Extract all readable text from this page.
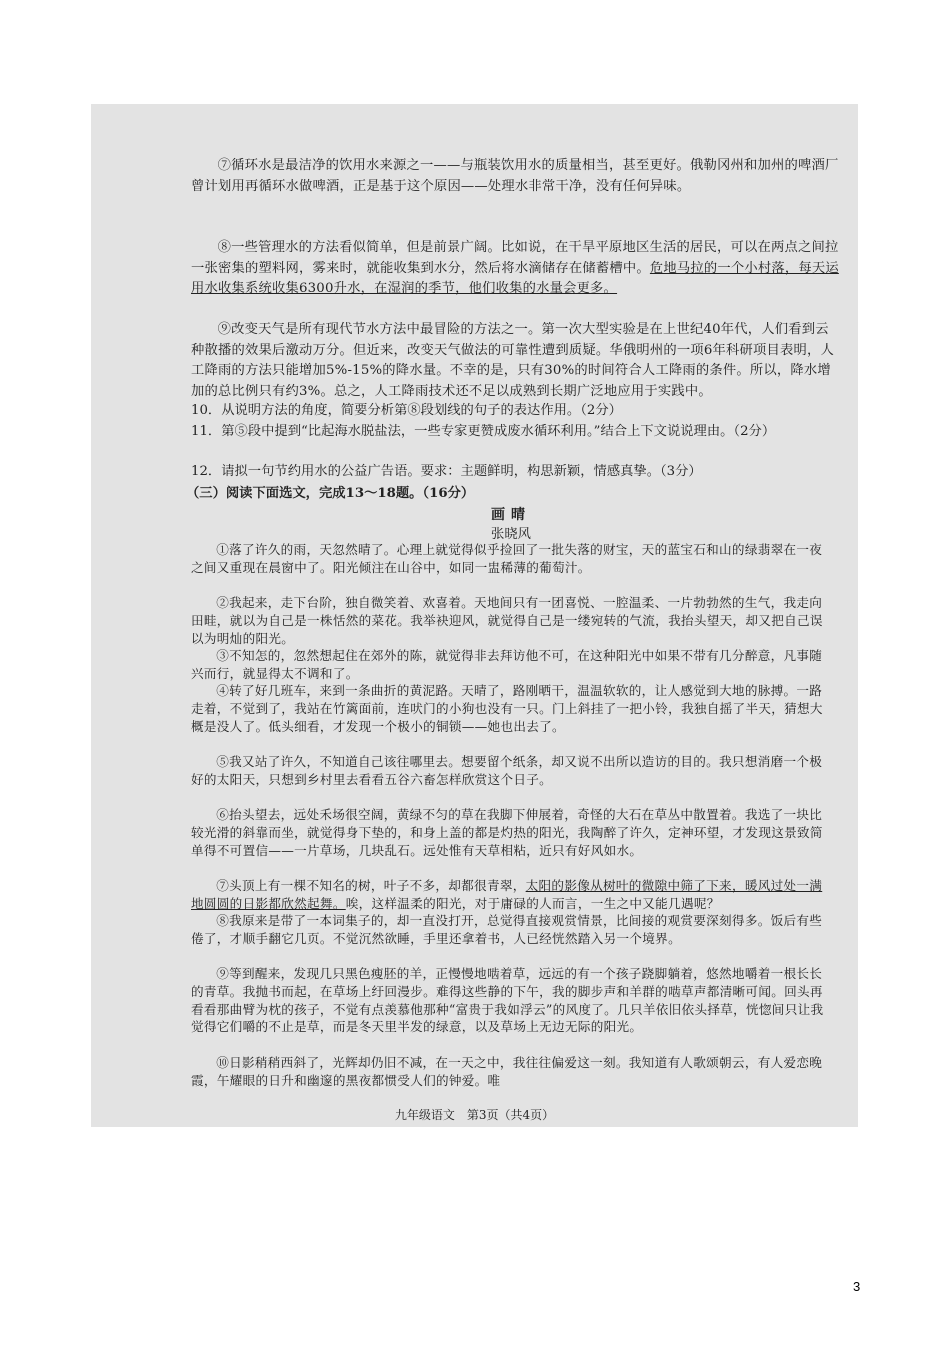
⑦循环水是最洁净的饮用水来源之一——与瓶装饮用水的质量相当，甚至更好。俄勒冈州和加州的啤酒厂曾计划用再循环水做啤酒，正是基于这个原因——处理水非常干净，没有任何异味。
⑧一些管理水的方法看似简单，但是前景广阔。比如说，在干旱平原地区生活的居民，可以在两点之间拉一张密集的塑料网，雾来时，就能收集到水分，然后将水滴储存在储蓄槽中。危地马拉的一个小村落，每天运用水收集系统收集6300升水，在湿润的季节，他们收集的水量会更多。
⑨改变天气是所有现代节水方法中最冒险的方法之一。第一次大型实验是在上世纪40年代，人们看到云种散播的效果后激动万分。但近来，改变天气做法的可靠性遭到质疑。华俄明州的一项6年科研项目表明，人工降雨的方法只能增加5%-15%的降水量。不幸的是，只有30%的时间符合人工降雨的条件。所以，降水增加的总比例只有约3%。总之，人工降雨技术还不足以成熟到长期广泛地应用于实践中。
10．从说明方法的角度，简要分析第⑧段划线的句子的表达作用。（2分）
11．第⑤段中提到“比起海水脱盐法，一些专家更赞成废水循环利用。”结合上下文说说理由。（2分）
12．请拟一句节约用水的公益广告语。要求：主题鲜明，构思新颖，情感真挚。（3分）
（三）阅读下面选文，完成13～18题。（16分）
画晴
张晓风
①落了许久的雨，天忽然晴了。心理上就觉得似乎捡回了一批失落的财宝，天的蓝宝石和山的绿翡翠在一夜之间又重现在晨窗中了。阳光倾注在山谷中，如同一盅稀薄的葡萄汁。
②我起来，走下台阶，独自微笑着、欢喜着。天地间只有一团喜悦、一腔温柔、一片勃勃然的生气，我走向田畦，就以为自己是一株恬然的菜花。我举袂迎风，就觉得自己是一缕宛转的气流，我抬头望天，却又把自己误以为明灿的阳光。
③不知怎的，忽然想起住在郊外的陈，就觉得非去拜访他不可，在这种阳光中如果不带有几分醉意，凡事随兴而行，就显得太不调和了。
④转了好几班车，来到一条曲折的黄泥路。天晴了，路刚晒干，温温软软的，让人感觉到大地的脉搏。一路走着，不觉到了，我站在竹篱面前，连吠门的小狗也没有一只。门上斜挂了一把小铃，我独自摇了半天，猜想大概是没人了。低头细看，才发现一个极小的铜锁——她也出去了。
⑤我又站了许久，不知道自己该往哪里去。想要留个纸条，却又说不出所以造访的目的。我只想消磨一个极好的太阳天，只想到乡村里去看看五谷六畜怎样欣赏这个日子。
⑥抬头望去，远处禾场很空阔，黄绿不匀的草在我脚下伸展着，奇怪的大石在草丛中散置着。我选了一块比较光滑的斜靠而坐，就觉得身下垫的，和身上盖的都是灼热的阳光，我陶醉了许久，定神环望，才发现这景致简单得不可置信——一片草场，几块乱石。远处惟有天草相粘，近只有好风如水。
⑦头顶上有一棵不知名的树，叶子不多，却都很青翠，太阳的影像从树叶的微隙中筛了下来，暖风过处一满地圆圆的日影都欣然起舞。唉，这样温柔的阳光，对于庸碌的人而言，一生之中又能几遇呢？
⑧我原来是带了一本词集子的，却一直没打开，总觉得直接观赏情景，比间接的观赏要深刻得多。饭后有些倦了，才顺手翻它几页。不觉沉然欲睡，手里还拿着书，人已经恍然踏入另一个境界。
⑨等到醒来，发现几只黑色瘦胚的羊，正慢慢地啮着草，远远的有一个孩子跷脚躺着，悠然地嚼着一根长长的青草。我抛书而起，在草场上纡回漫步。难得这些静的下午，我的脚步声和羊群的啮草声都清晰可闻。回头再看看那曲臂为枕的孩子，不觉有点羡慕他那种“富贵于我如浮云”的风度了。几只羊依旧依头择草，恍惚间只让我觉得它们嚼的不止是草，而是冬天里半发的绿意，以及草场上无边无际的阳光。
⑩日影稍稍西斜了，光辉却仍旧不减，在一天之中，我往往偏爱这一刻。我知道有人歌颂朝云，有人爱恋晚霞，午耀眼的日升和幽邃的黑夜都惯受人们的钟爱。唯
九年级语文　第3页（共4页）
3
